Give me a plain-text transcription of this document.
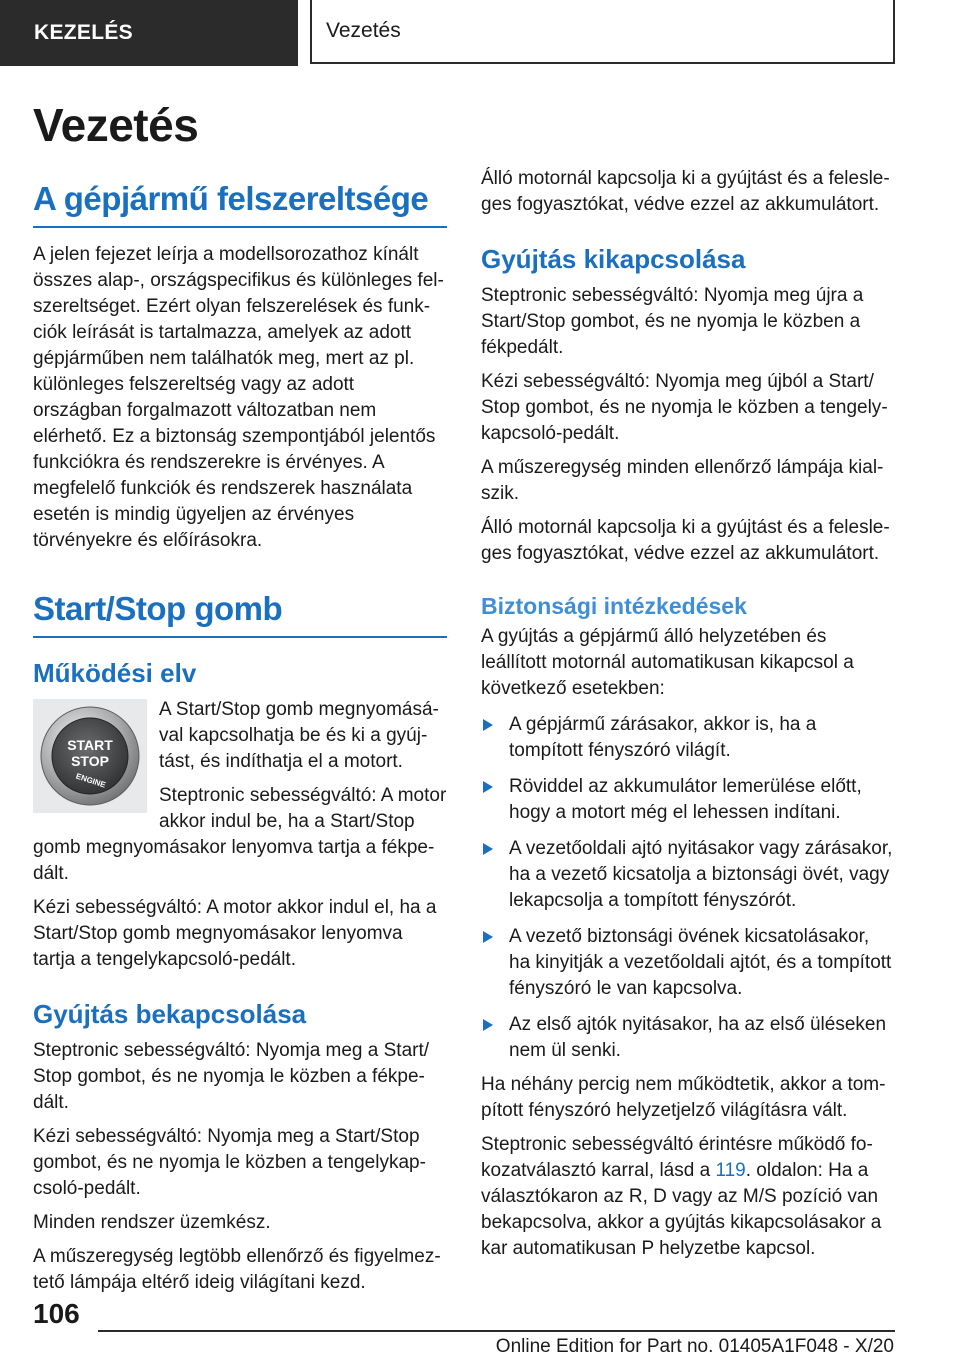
KEZELÉS	Vezetés
Vezetés
A gépjármű felszereltsége

A jelen fejezet leírja a modellsorozathoz kínált összes alap-, országspecifikus és különleges felszereltséget. Ezért olyan felszerelések és funkciók leírását is tartalmazza, amelyek az adott gépjárműben nem találhatók meg, mert az pl. különleges felszereltség vagy az adott országban forgalmazott változatban nem elérhető. Ez a biztonság szempontjából jelentős funkciókra és rendszerekre is érvényes. A megfelelő funkciók és rendszerek használata esetén is mindig ügyeljen az érvényes törvényekre és előírásokra.

Start/Stop gomb
Működési elv
START
STOP
ENGINE

A Start/Stop gomb megnyomásával kapcsolhatja be és ki a gyújtást, és indíthatja el a motort.

Steptronic sebességváltó: A motor akkor indul be, ha a Start/Stop gomb megnyomásakor lenyomva tartja a fékpedált.

Kézi sebességváltó: A motor akkor indul el, ha a Start/Stop gomb megnyomásakor lenyomva tartja a tengelykapcsoló-pedált.

Gyújtás bekapcsolása

Steptronic sebességváltó: Nyomja meg a Start/ Stop gombot, és ne nyomja le közben a fékpedált.

Kézi sebességváltó: Nyomja meg a Start/Stop gombot, és ne nyomja le közben a tengelykapcsoló-pedált.

Minden rendszer üzemkész.

A műszeregység legtöbb ellenőrző és figyelmeztető lámpája eltérő ideig világítani kezd.

Álló motornál kapcsolja ki a gyújtást és a felesleges fogyasztókat, védve ezzel az akkumulátort.

Gyújtás kikapcsolása

Steptronic sebességváltó: Nyomja meg újra a Start/Stop gombot, és ne nyomja le közben a fékpedált.

Kézi sebességváltó: Nyomja meg újból a Start/ Stop gombot, és ne nyomja le közben a tengelykapcsoló-pedált.

A műszeregység minden ellenőrző lámpája kialszik.

Álló motornál kapcsolja ki a gyújtást és a felesleges fogyasztókat, védve ezzel az akkumulátort.

Biztonsági intézkedések

A gyújtás a gépjármű álló helyzetében és leállított motornál automatikusan kikapcsol a következő esetekben:

A gépjármű zárásakor, akkor is, ha a tompított fényszóró világít.
Röviddel az akkumulátor lemerülése előtt, hogy a motort még el lehessen indítani.
A vezetőoldali ajtó nyitásakor vagy zárásakor, ha a vezető kicsatolja a biztonsági övét, vagy lekapcsolja a tompított fényszórót.
A vezető biztonsági övének kicsatolásakor, ha kinyitják a vezetőoldali ajtót, és a tompított fényszóró le van kapcsolva.
Az első ajtók nyitásakor, ha az első üléseken nem ül senki.

Ha néhány percig nem működtetik, akkor a tompított fényszóró helyzetjelző világításra vált.

Steptronic sebességváltó érintésre működő fokozatválasztó karral, lásd a 119. oldalon: Ha a választókaron az R, D vagy az M/S pozíció van bekapcsolva, akkor a gyújtás kikapcsolásakor a kar automatikusan P helyzetbe kapcsol.

106
Online Edition for Part no. 01405A1F048 - X/20
